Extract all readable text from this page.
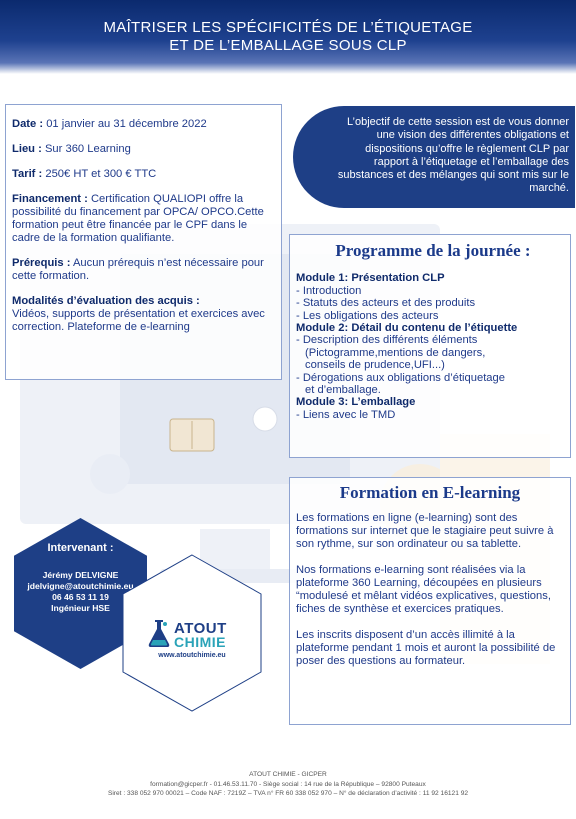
MAÎTRISER LES SPÉCIFICITÉS DE L’ÉTIQUETAGE
ET DE L’EMBALLAGE SOUS CLP

Date : 01 janvier au 31 décembre 2022

Lieu : Sur 360 Learning

Tarif : 250€ HT et 300 € TTC

Financement : Certification QUALIOPI offre la possibilité du financement par OPCA/ OPCO.Cette formation peut être financée par le CPF dans le cadre de la formation qualifiante.

Prérequis : Aucun prérequis n’est nécessaire pour cette formation.

Modalités d’évaluation des acquis :
Vidéos, supports de présentation et exercices avec correction. Plateforme de e-learning

L’objectif de cette session est de vous donner une vision des différentes obligations et dispositions qu’offre le règlement CLP par rapport à l’étiquetage et l’emballage des substances et des mélanges qui sont mis sur le marché.
Programme de la journée :
Module 1: Présentation CLP
- Introduction
- Statuts des acteurs et des produits
- Les obligations des acteurs
Module 2: Détail du contenu de l’étiquette
- Description des différents éléments
(Pictogramme,mentions de dangers,
conseils de prudence,UFI...)
- Dérogations aux obligations d’étiquetage
et d’emballage.
Module 3: L’emballage
- Liens avec le TMD
Formation en E-learning

Les formations en ligne (e-learning) sont des formations sur internet que le stagiaire peut suivre à son rythme, sur son ordinateur ou sa tablette.

Nos formations e-learning sont réalisées via la plateforme 360 Learning, découpées en plusieurs “modulesé et mêlant vidéos explicatives, questions, fiches de synthèse et exercices pratiques.

Les inscrits disposent d’un accès illimité à la plateforme pendant 1 mois et auront la possibilité de poser des questions au formateur.

Intervenant :
Jérémy DELVIGNE
jdelvigne@atoutchimie.eu
06 46 53 11 19
Ingénieur HSE
ATOUT
CHIMIE
www.atoutchimie.eu
ATOUT CHIMIE - GICPER
formation@gicper.fr - 01.46.53.11.70 - Siège social : 14 rue de la République – 92800 Puteaux
Siret : 338 052 970 00021 – Code NAF : 7219Z – TVA n° FR 60 338 052 970 – N° de déclaration d’activité : 11 92 16121 92
